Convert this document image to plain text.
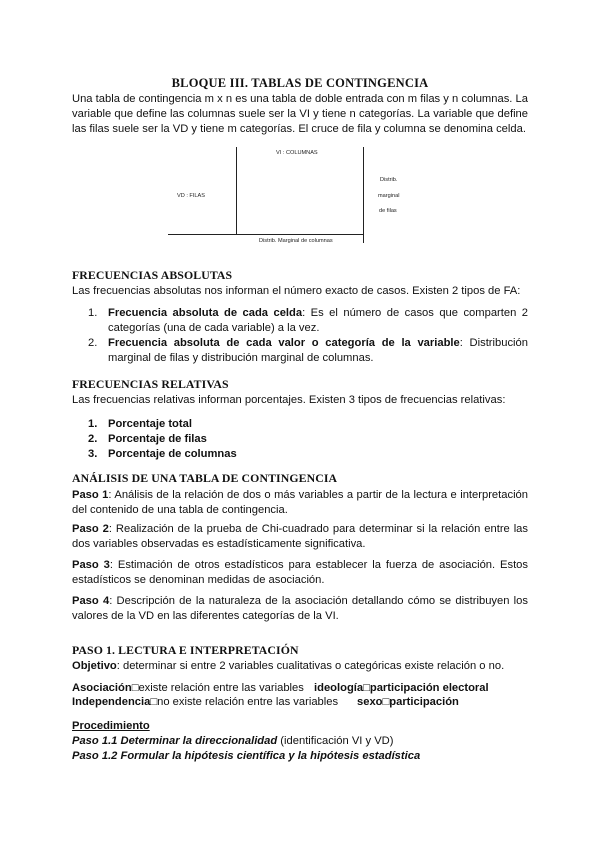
BLOQUE III. TABLAS DE CONTINGENCIA
Una tabla de contingencia m x n es una tabla de doble entrada con m filas y n columnas. La variable que define las columnas suele ser la VI y tiene n categorías. La variable que define las filas suele ser la VD y tiene m categorías. El cruce de fila y columna se denomina celda.
VI : COLUMNAS
VD : FILAS
Distrib.
marginal
de filas
Distrib. Marginal de columnas
FRECUENCIAS ABSOLUTAS
Las frecuencias absolutas nos informan el número exacto de casos. Existen 2 tipos de FA:
1. Frecuencia absoluta de cada celda: Es el número de casos que comparten 2 categorías (una de cada variable) a la vez.
2. Frecuencia absoluta de cada valor o categoría de la variable: Distribución marginal de filas y distribución marginal de columnas.
FRECUENCIAS RELATIVAS
Las frecuencias relativas informan porcentajes. Existen 3 tipos de frecuencias relativas:
1. Porcentaje total
2. Porcentaje de filas
3. Porcentaje de columnas
ANÁLISIS DE UNA TABLA DE CONTINGENCIA
Paso 1: Análisis de la relación de dos o más variables a partir de la lectura e interpretación del contenido de una tabla de contingencia.
Paso 2: Realización de la prueba de Chi-cuadrado para determinar si la relación entre las dos variables observadas es estadísticamente significativa.
Paso 3: Estimación de otros estadísticos para establecer la fuerza de asociación. Estos estadísticos se denominan medidas de asociación.
Paso 4: Descripción de la naturaleza de la asociación detallando cómo se distribuyen los valores de la VD en las diferentes categorías de la VI.
PASO 1. LECTURA E INTERPRETACIÓN
Objetivo: determinar si entre 2 variables cualitativas o categóricas existe relación o no.
Asociación□existe relación entre las variables ideología□participación electoral
Independencia□no existe relación entre las variables sexo□participación
Procedimiento
Paso 1.1 Determinar la direccionalidad (identificación VI y VD)
Paso 1.2 Formular la hipótesis científica y la hipótesis estadística
